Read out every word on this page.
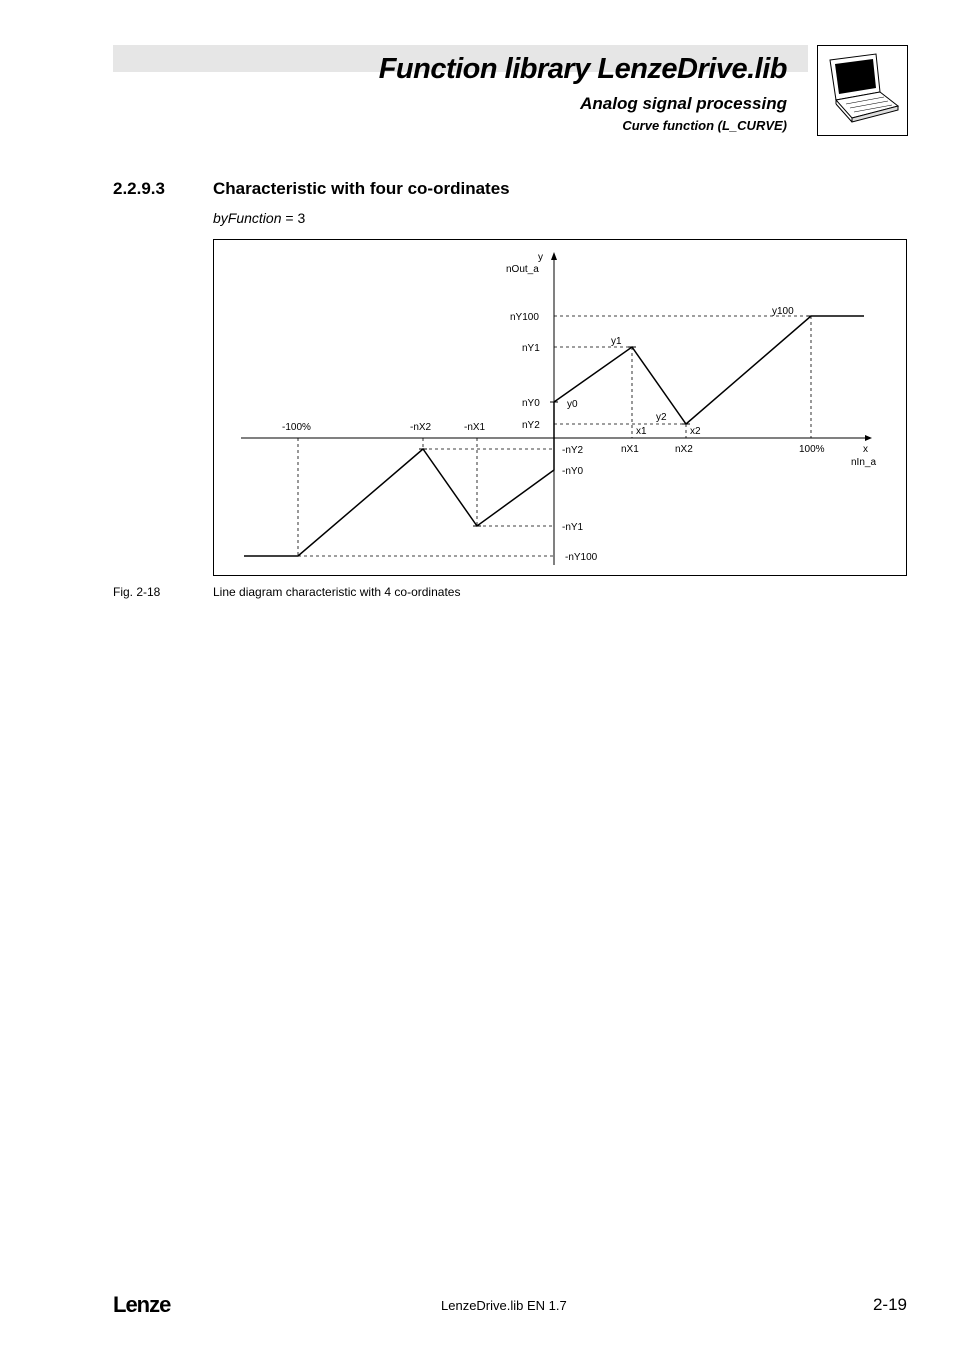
Function library LenzeDrive.lib
Analog signal processing
Curve function (L_CURVE)
2.2.9.3	Characteristic with four co-ordinates
byFunction = 3
y
nOut_a
x
nIn_a
nY100
nY1
nY0
nY2
-nY2
-nY0
-nY1
-nY100
-100%	-nX2	-nX1
nX1	nX2	100%
y100
y1
y0
y2
x1	x2
Fig. 2-18	Line diagram characteristic with 4 co-ordinates
Lenze	LenzeDrive.lib EN 1.7	2-19
